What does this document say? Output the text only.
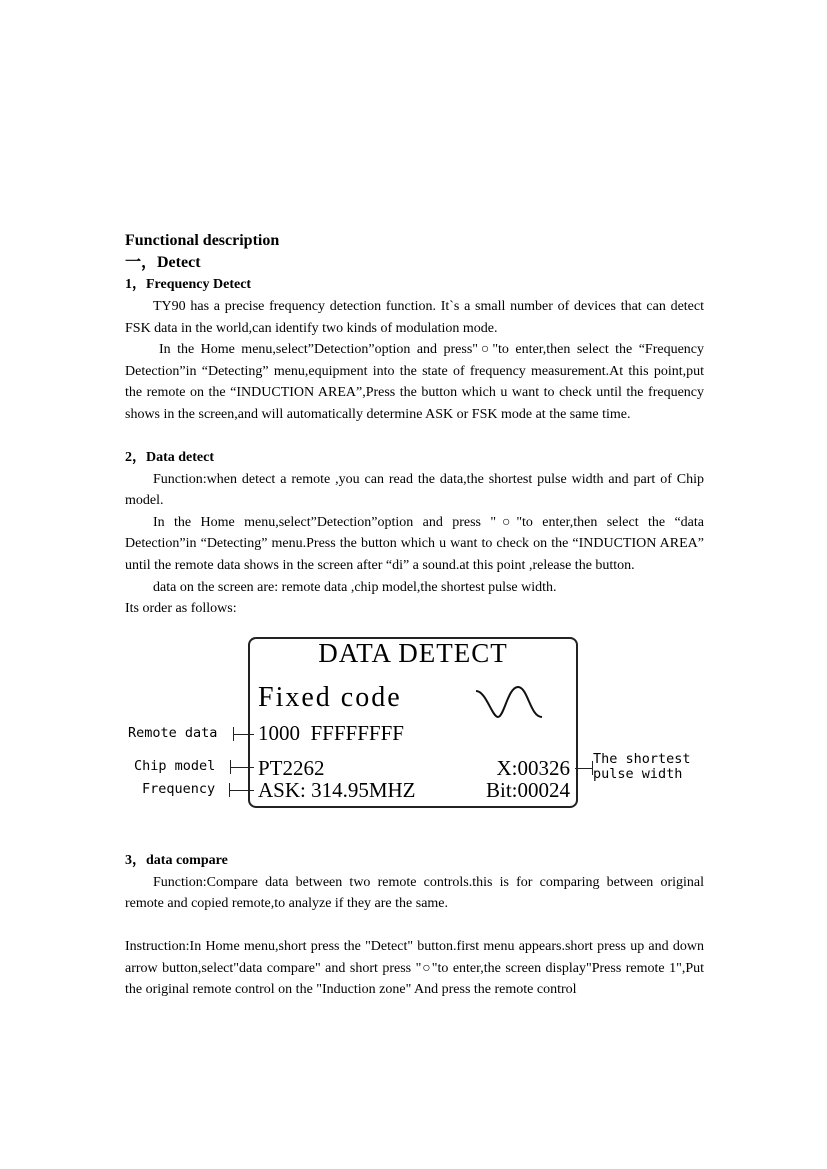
Functional description
一，Detect
1，Frequency Detect

TY90 has a precise frequency detection function. It`s a small number of devices that can detect FSK data in the world,can identify two kinds of modulation mode.

In the Home menu,select”Detection”option and press"○"to enter,then select the “Frequency Detection”in “Detecting” menu,equipment into the state of frequency measurement.At this point,put the remote on the “INDUCTION AREA”,Press the button which u want to check until the frequency shows in the screen,and will automatically determine ASK or FSK mode at the same time.

2，Data detect

Function:when detect a remote ,you can read the data,the shortest pulse width and part of Chip model.

In the Home menu,select”Detection”option and press "○"to enter,then select the “data Detection”in “Detecting” menu.Press the button which u want to check on the “INDUCTION AREA” until the remote data shows in the screen after “di” a sound.at this point ,release the button.

data on the screen are: remote data ,chip model,the shortest pulse width.

Its order as follows:

DATA DETECT
Fixed code
1000  FFFFFFFF
PT2262	X:00326
ASK: 314.95MHZ	Bit:00024
Remote data
Chip model
Frequency
The shortest
pulse width
3，data compare

Function:Compare data between two remote controls.this is for comparing between original remote and copied remote,to analyze if they are the same.

Instruction:In Home menu,short press the "Detect" button.first menu appears.short press up and down arrow button,select"data compare" and short press "○"to enter,the screen display"Press remote 1",Put the original remote control on the "Induction zone" And press the remote control
